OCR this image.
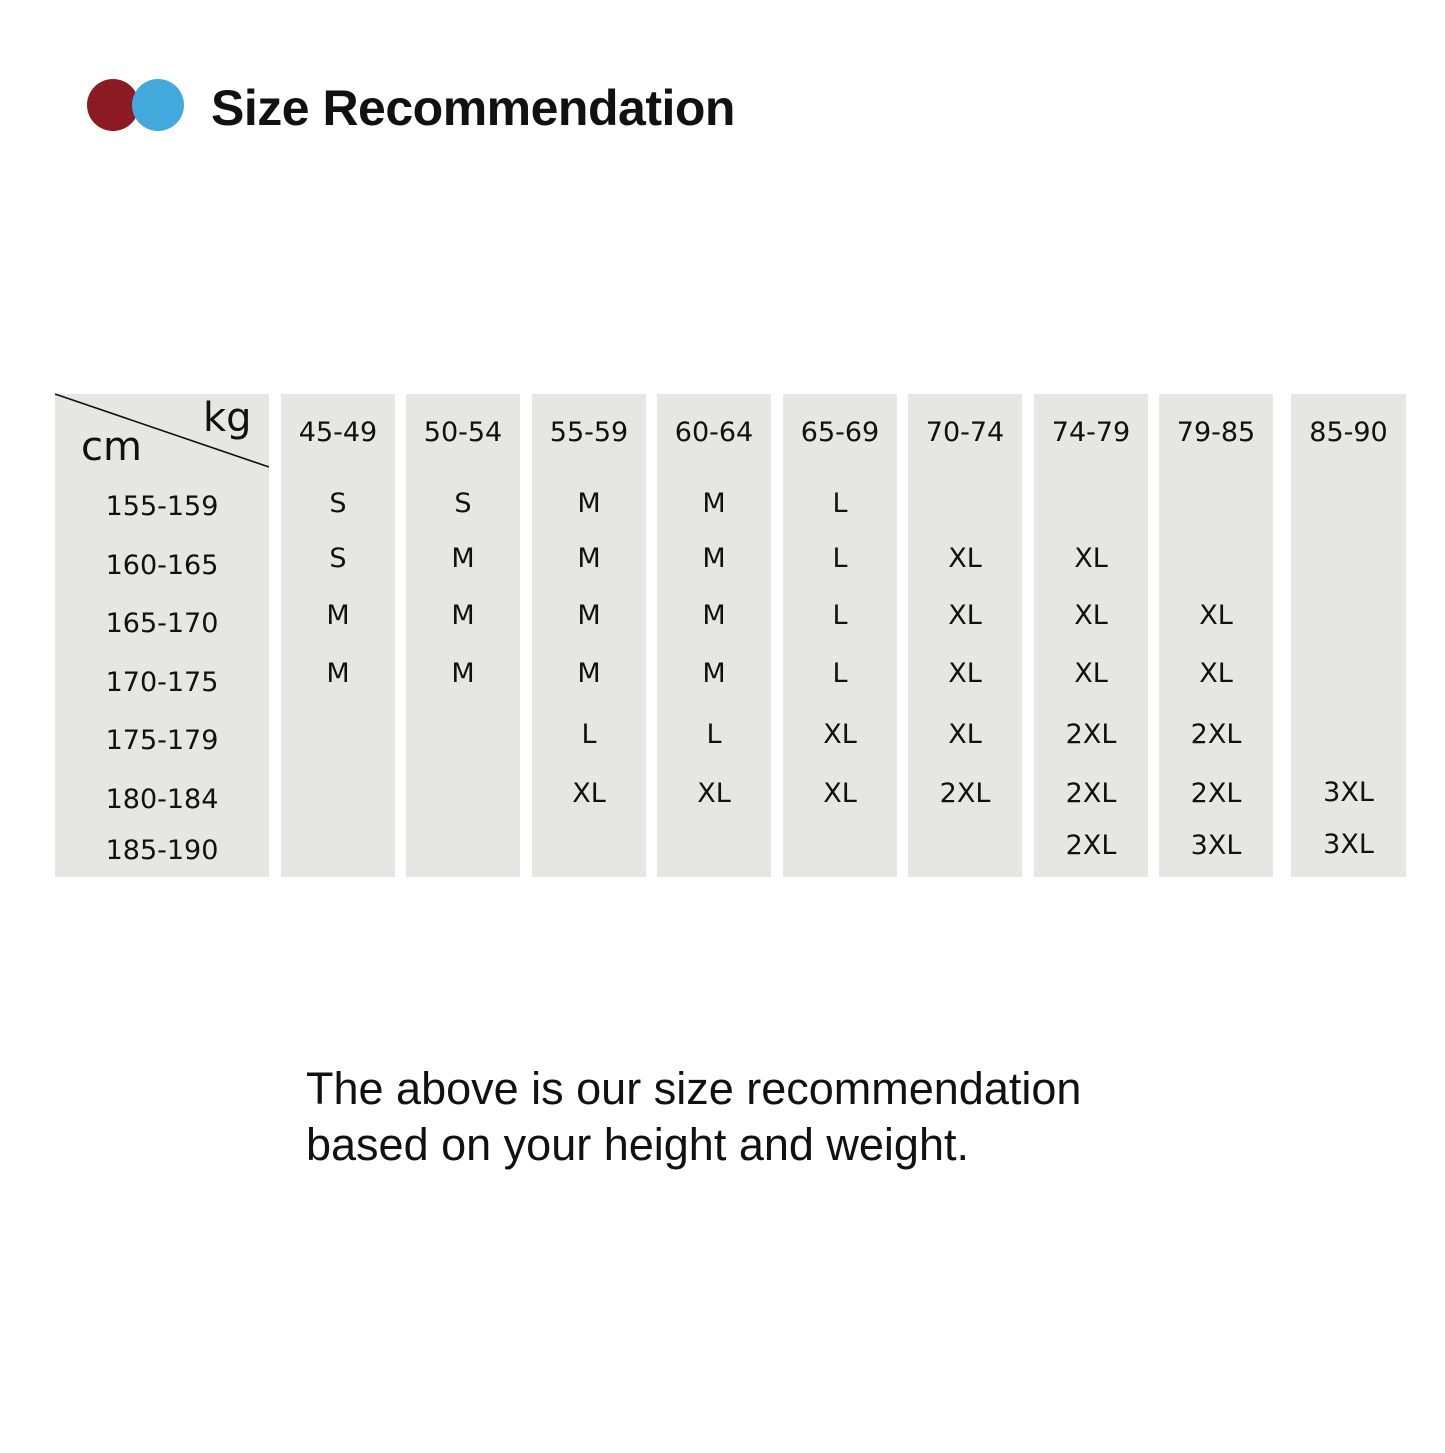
Size Recommendation
kg
cm
155-159
160-165
165-170
170-175
175-179
180-184
185-190
45-49
S
S
M
M
50-54
S
M
M
M
55-59
M
M
M
M
L
XL
60-64
M
M
M
M
L
XL
65-69
L
L
L
L
XL
XL
70-74
XL
XL
XL
XL
2XL
74-79
XL
XL
XL
2XL
2XL
2XL
79-85
XL
XL
2XL
2XL
3XL
85-90
3XL
3XL
The above is our size recommendation
based on your height and weight.
